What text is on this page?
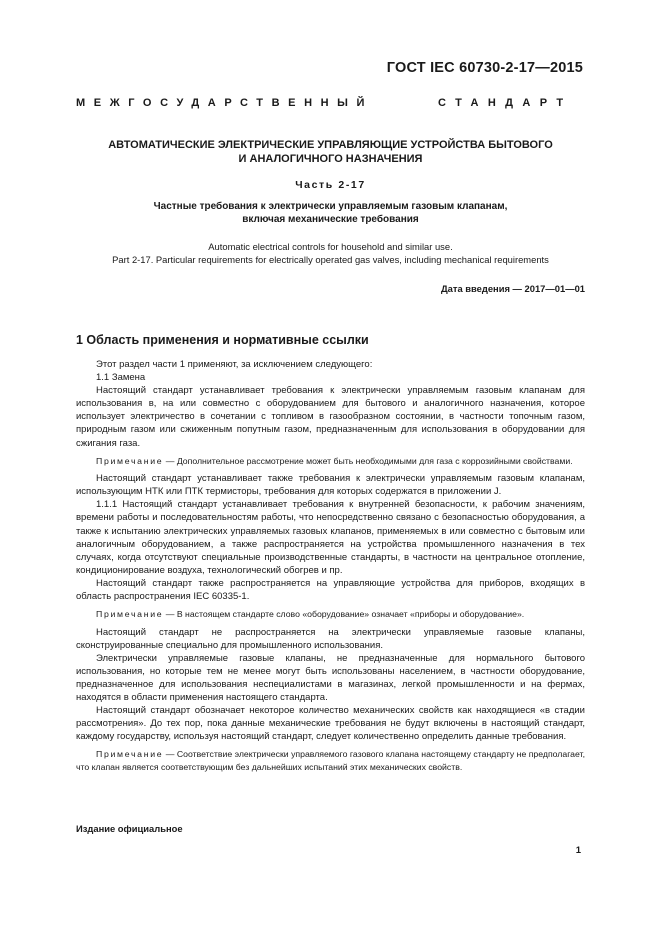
ГОСТ IEC 60730-2-17—2015
МЕЖГОСУДАРСТВЕННЫЙ	СТАНДАРТ
АВТОМАТИЧЕСКИЕ ЭЛЕКТРИЧЕСКИЕ УПРАВЛЯЮЩИЕ УСТРОЙСТВА БЫТОВОГО
И АНАЛОГИЧНОГО НАЗНАЧЕНИЯ
Часть 2-17
Частные требования к электрически управляемым газовым клапанам,
включая механические требования
Automatic electrical controls for household and similar use.
Part 2-17. Particular requirements for electrically operated gas valves, including mechanical requirements
Дата введения — 2017—01—01
1 Область применения и нормативные ссылки

Этот раздел части 1 применяют, за исключением следующего:

1.1 Замена

Настоящий стандарт устанавливает требования к электрически управляемым газовым клапанам для использования в, на или совместно с оборудованием для бытового и аналогичного назначения, которое использует электричество в сочетании с топливом в газообразном состоянии, в частности топочным газом, природным газом или сжиженным попутным газом, предназначенным для использования в оборудовании для сжигания газа.

Примечание — Дополнительное рассмотрение может быть необходимыми для газа с коррозийными свойствами.

Настоящий стандарт устанавливает также требования к электрически управляемым газовым клапанам, использующим НТК или ПТК термисторы, требования для которых содержатся в приложении J.

1.1.1 Настоящий стандарт устанавливает требования к внутренней безопасности, к рабочим значениям, времени работы и последовательностям работы, что непосредственно связано с безопасностью оборудования, а также к испытанию электрических управляемых газовых клапанов, применяемых в или совместно с бытовым или аналогичным оборудованием, а также распространяется на устройства промышленного назначения в тех случаях, когда отсутствуют специальные производственные стандарты, в частности на центральное отопление, кондиционирование воздуха, технологический обогрев и пр.

Настоящий стандарт также распространяется на управляющие устройства для приборов, входящих в область распространения IEC 60335-1.

Примечание — В настоящем стандарте слово «оборудование» означает «приборы и оборудование».

Настоящий стандарт не распространяется на электрически управляемые газовые клапаны, сконструированные специально для промышленного использования.

Электрически управляемые газовые клапаны, не предназначенные для нормального бытового использования, но которые тем не менее могут быть использованы населением, в частности оборудование, предназначенное для использования неспециалистами в магазинах, легкой промышленности и на фермах, находятся в области применения настоящего стандарта.

Настоящий стандарт обозначает некоторое количество механических свойств как находящиеся «в стадии рассмотрения». До тех пор, пока данные механические требования не будут включены в настоящий стандарт, каждому государству, используя настоящий стандарт, следует количественно определить данные требования.

Примечание — Соответствие электрически управляемого газового клапана настоящему стандарту не предполагает, что клапан является соответствующим без дальнейших испытаний этих механических свойств.

Издание официальное
1
